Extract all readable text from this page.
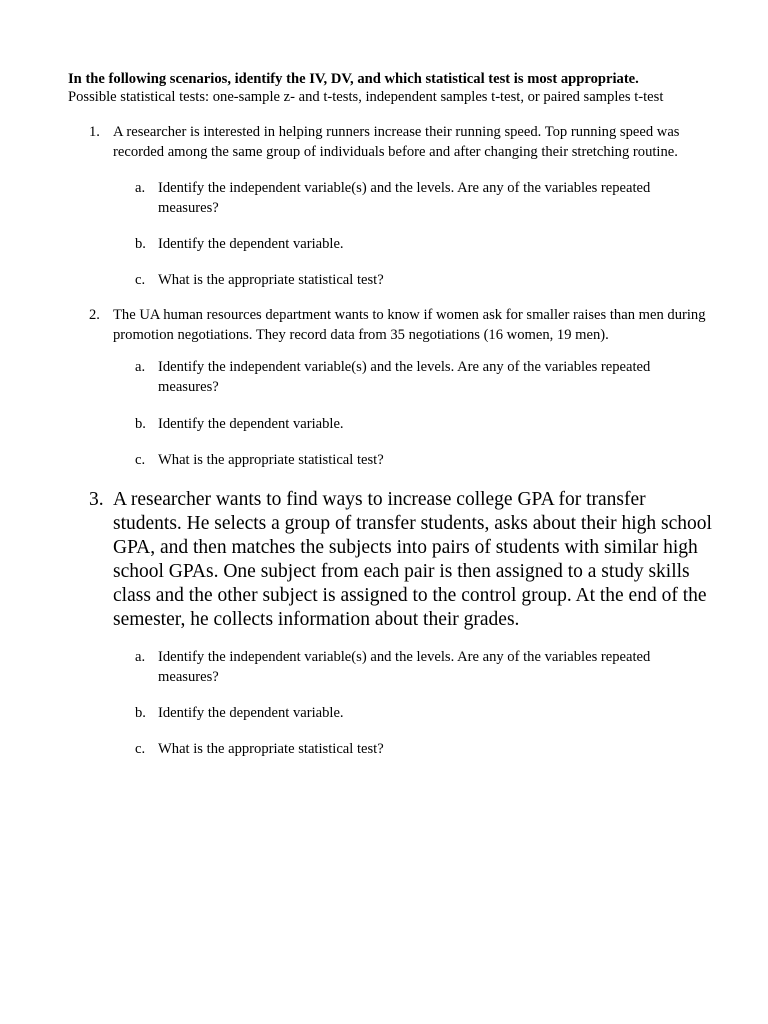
In the following scenarios, identify the IV, DV, and which statistical test is most appropriate.
Possible statistical tests: one-sample z- and t-tests, independent samples t-test, or paired samples t-test
1. A researcher is interested in helping runners increase their running speed. Top running speed was recorded among the same group of individuals before and after changing their stretching routine.
a. Identify the independent variable(s) and the levels. Are any of the variables repeated measures?
b. Identify the dependent variable.
c. What is the appropriate statistical test?
2. The UA human resources department wants to know if women ask for smaller raises than men during promotion negotiations. They record data from 35 negotiations (16 women, 19 men).
a. Identify the independent variable(s) and the levels. Are any of the variables repeated measures?
b. Identify the dependent variable.
c. What is the appropriate statistical test?
3. A researcher wants to find ways to increase college GPA for transfer students. He selects a group of transfer students, asks about their high school GPA, and then matches the subjects into pairs of students with similar high school GPAs. One subject from each pair is then assigned to a study skills class and the other subject is assigned to the control group. At the end of the semester, he collects information about their grades.
a. Identify the independent variable(s) and the levels. Are any of the variables repeated measures?
b. Identify the dependent variable.
c. What is the appropriate statistical test?
